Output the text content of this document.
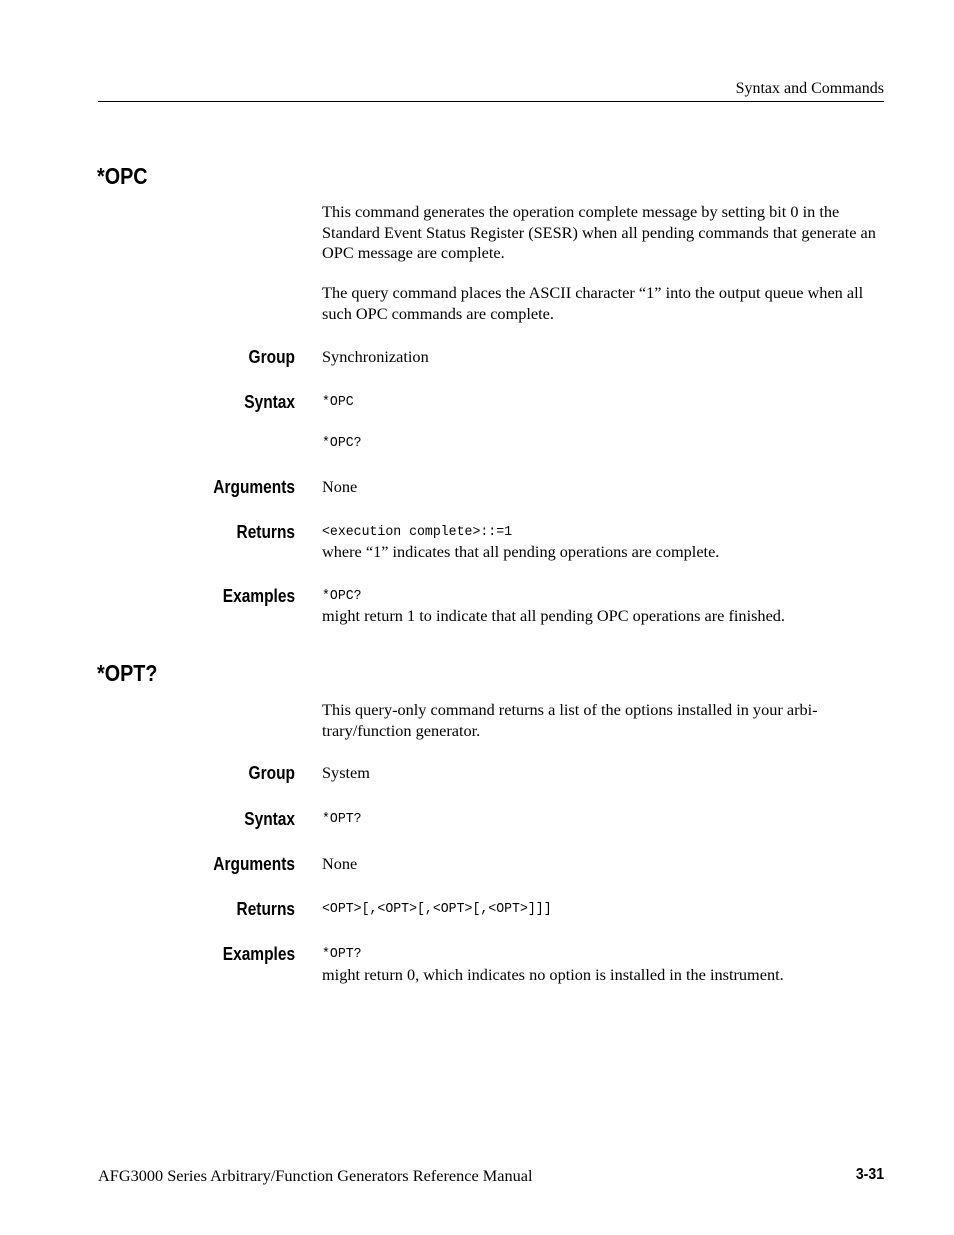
Syntax and Commands
*OPC
This command generates the operation complete message by setting bit 0 in the Standard Event Status Register (SESR) when all pending commands that generate an OPC message are complete.
The query command places the ASCII character “1” into the output queue when all such OPC commands are complete.
Group Synchronization
Syntax *OPC
*OPC?
Arguments None
Returns <execution complete>::=1
where “1” indicates that all pending operations are complete.
Examples *OPC?
might return 1 to indicate that all pending OPC operations are finished.
*OPT?
This query-only command returns a list of the options installed in your arbi- trary/function generator.
Group System
Syntax *OPT?
Arguments None
Returns <OPT>[,<OPT>[,<OPT>[,<OPT>]]]
Examples *OPT?
might return 0, which indicates no option is installed in the instrument.
AFG3000 Series Arbitrary/Function Generators Reference Manual	3-31
